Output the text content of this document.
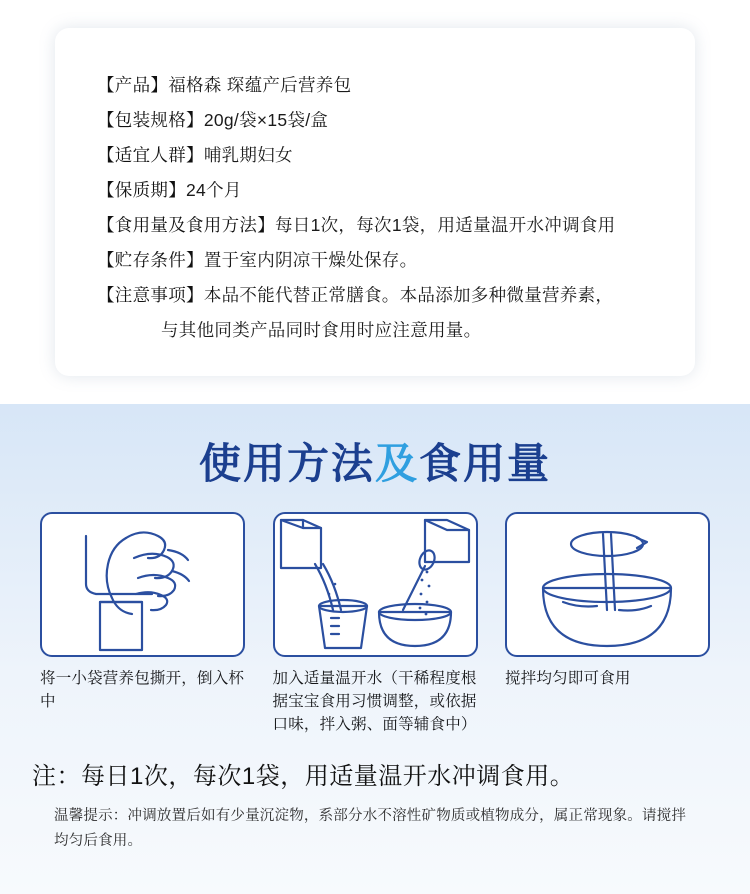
【产品】福格森 琛蕴产后营养包
【包装规格】20g/袋×15袋/盒
【适宜人群】哺乳期妇女
【保质期】24个月
【食用量及食用方法】每日1次，每次1袋，用适量温开水冲调食用
【贮存条件】置于室内阴凉干燥处保存。
【注意事项】本品不能代替正常膳食。本品添加多种微量营养素，
与其他同类产品同时食用时应注意用量。
使用方法及食用量
将一小袋营养包撕开，倒入杯中
加入适量温开水（干稀程度根据宝宝食用习惯调整，或依据口味，拌入粥、面等辅食中）
搅拌均匀即可食用
注：每日1次，每次1袋，用适量温开水冲调食用。
温馨提示：冲调放置后如有少量沉淀物，系部分水不溶性矿物质或植物成分，属正常现象。请搅拌均匀后食用。
